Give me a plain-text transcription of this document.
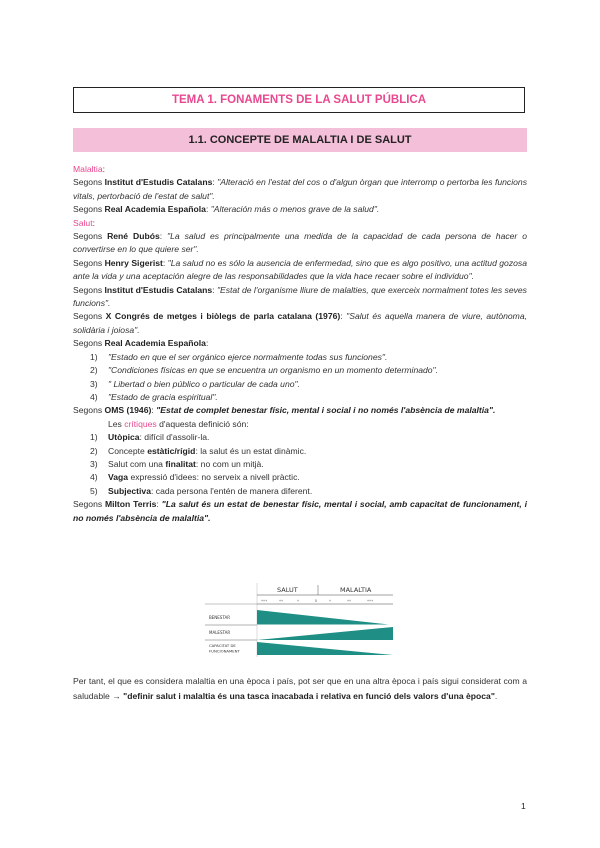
TEMA 1. FONAMENTS DE LA SALUT PÚBLICA
1.1. CONCEPTE DE MALALTIA I DE SALUT

Malaltia:

Segons Institut d'Estudis Catalans: "Alteració en l'estat del cos o d'algun òrgan que interromp o pertorba les funcions vitals, pertorbació de l'estat de salut".

Segons Real Academia Española: "Alteración más o menos grave de la salud".

Salut:

Segons René Dubós: "La salud es principalmente una medida de la capacidad de cada persona de hacer o convertirse en lo que quiere ser".

Segons Henry Sigerist: "La salud no es sólo la ausencia de enfermedad, sino que es algo positivo, una actitud gozosa ante la vida y una aceptación alegre de las responsabilidades que la vida hace recaer sobre el individuo".

Segons Institut d'Estudis Catalans: "Estat de l'organisme lliure de malalties, que exerceix normalment totes les seves funcions".

Segons X Congrés de metges i biòlegs de parla catalana (1976): "Salut és aquella manera de viure, autònoma, solidària i joiosa".

Segons Real Academia Española:

1) "Estado en que el ser orgánico ejerce normalmente todas sus funciones".
2) "Condiciones físicas en que se encuentra un organismo en un momento determinado".
3) " Libertad o bien público o particular de cada uno".
4) "Estado de gracia espiritual".

Segons OMS (1946): "Estat de complet benestar físic, mental i social i no només l'absència de malaltia".

Les crítiques d'aquesta definició són:

1) Utòpica: difícil d'assolir-la.
2) Concepte estàtic/rígid: la salut és un estat dinàmic.
3) Salut com una finalitat: no com un mitjà.
4) Vaga expressió d'idees: no serveix a nivell pràctic.
5) Subjectiva: cada persona l'entén de manera diferent.

Segons Milton Terris: "La salut és un estat de benestar físic, mental i social, amb capacitat de funcionament, i no només l'absència de malaltia".

SALUT	MALALTIA
+++	++	+	0	+	++	+++
BENESTAR
MALESTAR
CAPACITAT DE
FUNCIONAMENT
Per tant, el que es considera malaltia en una època i país, pot ser que en una altra època i país sigui considerat com a saludable → "definir salut i malaltia és una tasca inacabada i relativa en funció dels valors d'una època".
1
